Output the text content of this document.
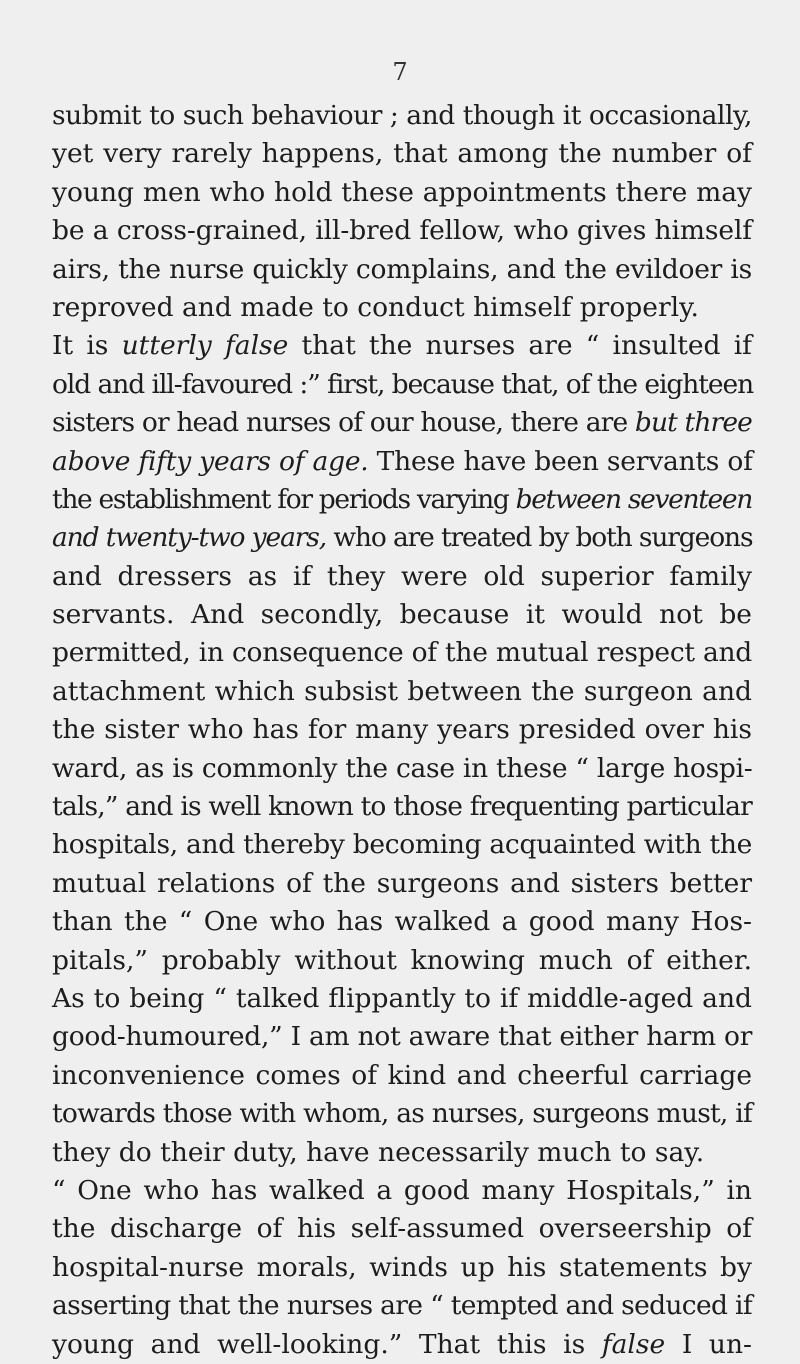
7
submit to such behaviour ; and though it occasionally,
yet very rarely happens, that among the number of
young men who hold these appointments there may
be a cross-grained, ill-bred fellow, who gives himself
airs, the nurse quickly complains, and the evildoer is
reproved and made to conduct himself properly.
It is utterly false that the nurses are “ insulted if
old and ill-favoured :” first, because that, of the eighteen
sisters or head nurses of our house, there are but three
above fifty years of age. These have been servants of
the establishment for periods varying between seventeen
and twenty-two years, who are treated by both surgeons
and dressers as if they were old superior family
servants. And secondly, because it would not be
permitted, in consequence of the mutual respect and
attachment which subsist between the surgeon and
the sister who has for many years presided over his
ward, as is commonly the case in these “ large hospi-
tals,” and is well known to those frequenting particular
hospitals, and thereby becoming acquainted with the
mutual relations of the surgeons and sisters better
than the “ One who has walked a good many Hos-
pitals,” probably without knowing much of either.
As to being “ talked flippantly to if middle-aged and
good-humoured,” I am not aware that either harm or
inconvenience comes of kind and cheerful carriage
towards those with whom, as nurses, surgeons must, if
they do their duty, have necessarily much to say.
“ One who has walked a good many Hospitals,” in
the discharge of his self-assumed overseership of
hospital-nurse morals, winds up his statements by
asserting that the nurses are “ tempted and seduced if
young and well-looking.” That this is false I un-
